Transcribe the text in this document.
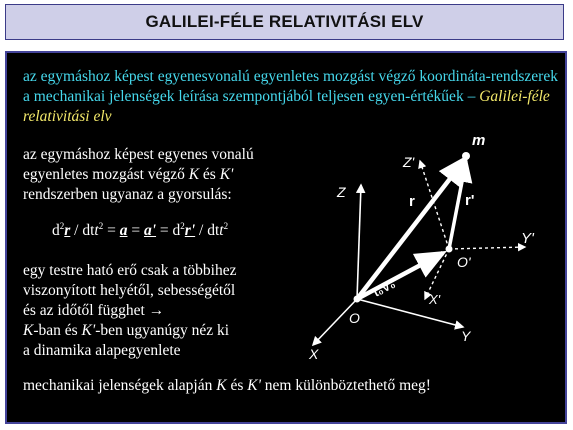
GALILEI-FÉLE RELATIVITÁSI ELV
az egymáshoz képest egyenesvonalú egyenletes mozgást végző koordináta-rendszerek a mechanikai jelenségek leírása szempontjából teljesen egyen-értékűek – Galilei-féle relativitási elv
az egymáshoz képest egyenes vonalú
egyenletes mozgást végző K és K'
rendszerben ugyanaz a gyorsulás:
$d^2r / dtt^2 = a = a' = d^2r' / dtt^2$
egy testre ható erő csak a többihez
viszonyított helyétől, sebességétől
és az időtől függhet →
K-ban és K'-ben ugyanúgy néz ki
a dinamika alapegyenlete
mechanikai jelenségek alapján K és K' nem különböztethető meg!
m
Z'
Z
r	r'
O'
Y'
X'
t₀V₀
O
Y
X
